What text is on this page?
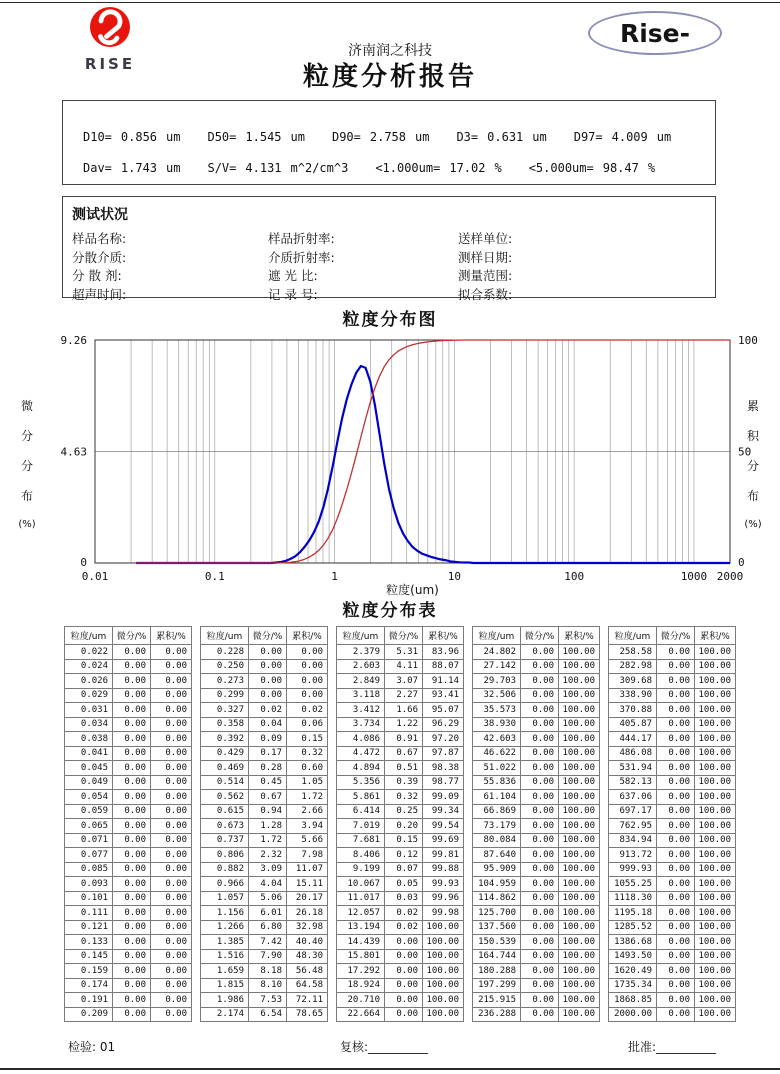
RISE
济南润之科技
粒度分析报告
Rise-
D10= 0.856 um D50= 1.545 um D90= 2.758 um D3= 0.631 um D97= 4.009 um
Dav= 1.743 um S/V= 4.131 m^2/cm^3 <1.000um= 17.02 % <5.000um= 98.47 %
测试状况
样品名称:	样品折射率:	送样单位:
分散介质:	介质折射率:	测样日期:
分 散 剂:	遮 光 比:	测量范围:
超声时间:	记 录 号:	拟合系数:
粒度分布图
9.26
4.63
0
100
50
0
0.01	0.1	1	10	100	1000 2000
粒度(um)
微
分
分
布
(%)
累
积
分
布
(%)
粒度分布表
粒度/um	微分/%	累积/%
0.022	0.00	0.00
0.024	0.00	0.00
0.026	0.00	0.00
0.029	0.00	0.00
0.031	0.00	0.00
0.034	0.00	0.00
0.038	0.00	0.00
0.041	0.00	0.00
0.045	0.00	0.00
0.049	0.00	0.00
0.054	0.00	0.00
0.059	0.00	0.00
0.065	0.00	0.00
0.071	0.00	0.00
0.077	0.00	0.00
0.085	0.00	0.00
0.093	0.00	0.00
0.101	0.00	0.00
0.111	0.00	0.00
0.121	0.00	0.00
0.133	0.00	0.00
0.145	0.00	0.00
0.159	0.00	0.00
0.174	0.00	0.00
0.191	0.00	0.00
0.209	0.00	0.00
粒度/um	微分/%	累积/%
0.228	0.00	0.00
0.250	0.00	0.00
0.273	0.00	0.00
0.299	0.00	0.00
0.327	0.02	0.02
0.358	0.04	0.06
0.392	0.09	0.15
0.429	0.17	0.32
0.469	0.28	0.60
0.514	0.45	1.05
0.562	0.67	1.72
0.615	0.94	2.66
0.673	1.28	3.94
0.737	1.72	5.66
0.806	2.32	7.98
0.882	3.09	11.07
0.966	4.04	15.11
1.057	5.06	20.17
1.156	6.01	26.18
1.266	6.80	32.98
1.385	7.42	40.40
1.516	7.90	48.30
1.659	8.18	56.48
1.815	8.10	64.58
1.986	7.53	72.11
2.174	6.54	78.65
粒度/um	微分/%	累积/%
2.379	5.31	83.96
2.603	4.11	88.07
2.849	3.07	91.14
3.118	2.27	93.41
3.412	1.66	95.07
3.734	1.22	96.29
4.086	0.91	97.20
4.472	0.67	97.87
4.894	0.51	98.38
5.356	0.39	98.77
5.861	0.32	99.09
6.414	0.25	99.34
7.019	0.20	99.54
7.681	0.15	99.69
8.406	0.12	99.81
9.199	0.07	99.88
10.067	0.05	99.93
11.017	0.03	99.96
12.057	0.02	99.98
13.194	0.02	100.00
14.439	0.00	100.00
15.801	0.00	100.00
17.292	0.00	100.00
18.924	0.00	100.00
20.710	0.00	100.00
22.664	0.00	100.00
粒度/um	微分/%	累积/%
24.802	0.00	100.00
27.142	0.00	100.00
29.703	0.00	100.00
32.506	0.00	100.00
35.573	0.00	100.00
38.930	0.00	100.00
42.603	0.00	100.00
46.622	0.00	100.00
51.022	0.00	100.00
55.836	0.00	100.00
61.104	0.00	100.00
66.869	0.00	100.00
73.179	0.00	100.00
80.084	0.00	100.00
87.640	0.00	100.00
95.909	0.00	100.00
104.959	0.00	100.00
114.862	0.00	100.00
125.700	0.00	100.00
137.560	0.00	100.00
150.539	0.00	100.00
164.744	0.00	100.00
180.288	0.00	100.00
197.299	0.00	100.00
215.915	0.00	100.00
236.288	0.00	100.00
粒度/um	微分/%	累积/%
258.58	0.00	100.00
282.98	0.00	100.00
309.68	0.00	100.00
338.90	0.00	100.00
370.88	0.00	100.00
405.87	0.00	100.00
444.17	0.00	100.00
486.08	0.00	100.00
531.94	0.00	100.00
582.13	0.00	100.00
637.06	0.00	100.00
697.17	0.00	100.00
762.95	0.00	100.00
834.94	0.00	100.00
913.72	0.00	100.00
999.93	0.00	100.00
1055.25	0.00	100.00
1118.30	0.00	100.00
1195.18	0.00	100.00
1285.52	0.00	100.00
1386.68	0.00	100.00
1493.50	0.00	100.00
1620.49	0.00	100.00
1735.34	0.00	100.00
1868.85	0.00	100.00
2000.00	0.00	100.00
检验: 01	复核:__________	批准:__________
